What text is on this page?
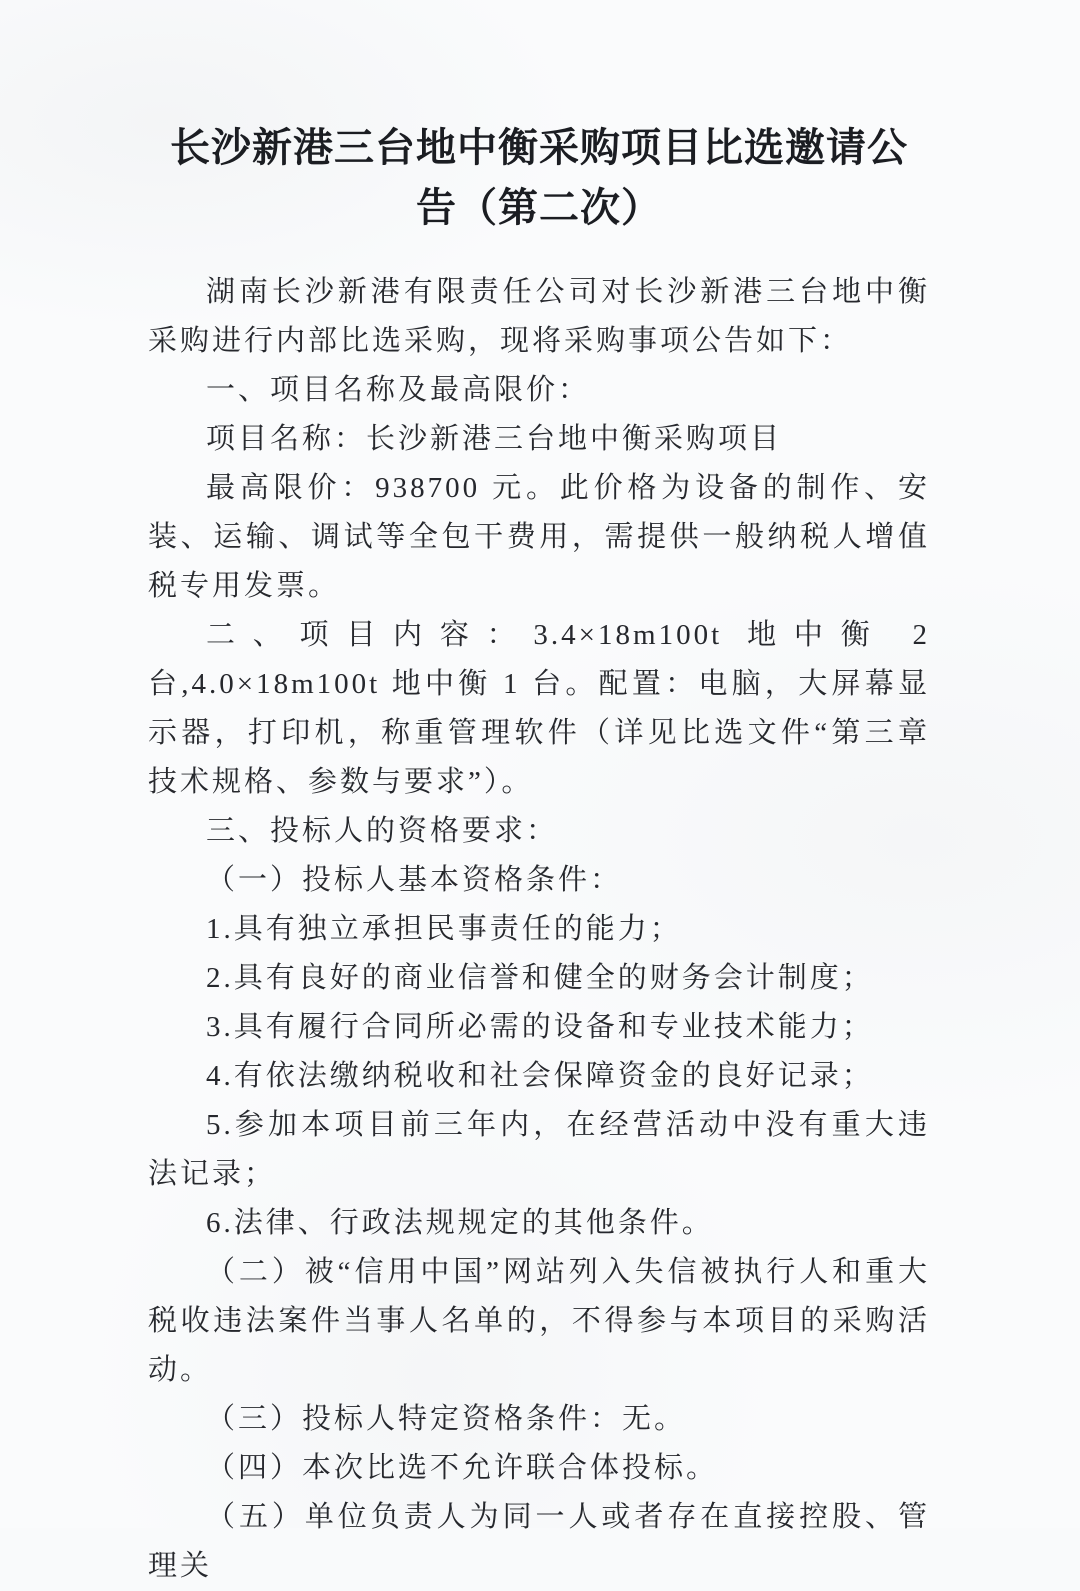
长沙新港三台地中衡采购项目比选邀请公
告（第二次）

湖南长沙新港有限责任公司对长沙新港三台地中衡采购进行内部比选采购，现将采购事项公告如下：

一、项目名称及最高限价：

项目名称：长沙新港三台地中衡采购项目

最高限价：938700 元。此价格为设备的制作、安装、运输、调试等全包干费用，需提供一般纳税人增值税专用发票。

二、项目内容：3.4×18m100t 地中衡 2 台,4.0×18m100t 地中衡 1 台。配置：电脑，大屏幕显示器，打印机，称重管理软件（详见比选文件“第三章 技术规格、参数与要求”）。

三、投标人的资格要求：

（一）投标人基本资格条件：

1.具有独立承担民事责任的能力；

2.具有良好的商业信誉和健全的财务会计制度；

3.具有履行合同所必需的设备和专业技术能力；

4.有依法缴纳税收和社会保障资金的良好记录；

5.参加本项目前三年内，在经营活动中没有重大违法记录；

6.法律、行政法规规定的其他条件。

（二）被“信用中国”网站列入失信被执行人和重大税收违法案件当事人名单的，不得参与本项目的采购活动。

（三）投标人特定资格条件：无。

（四）本次比选不允许联合体投标。

（五）单位负责人为同一人或者存在直接控股、管理关
